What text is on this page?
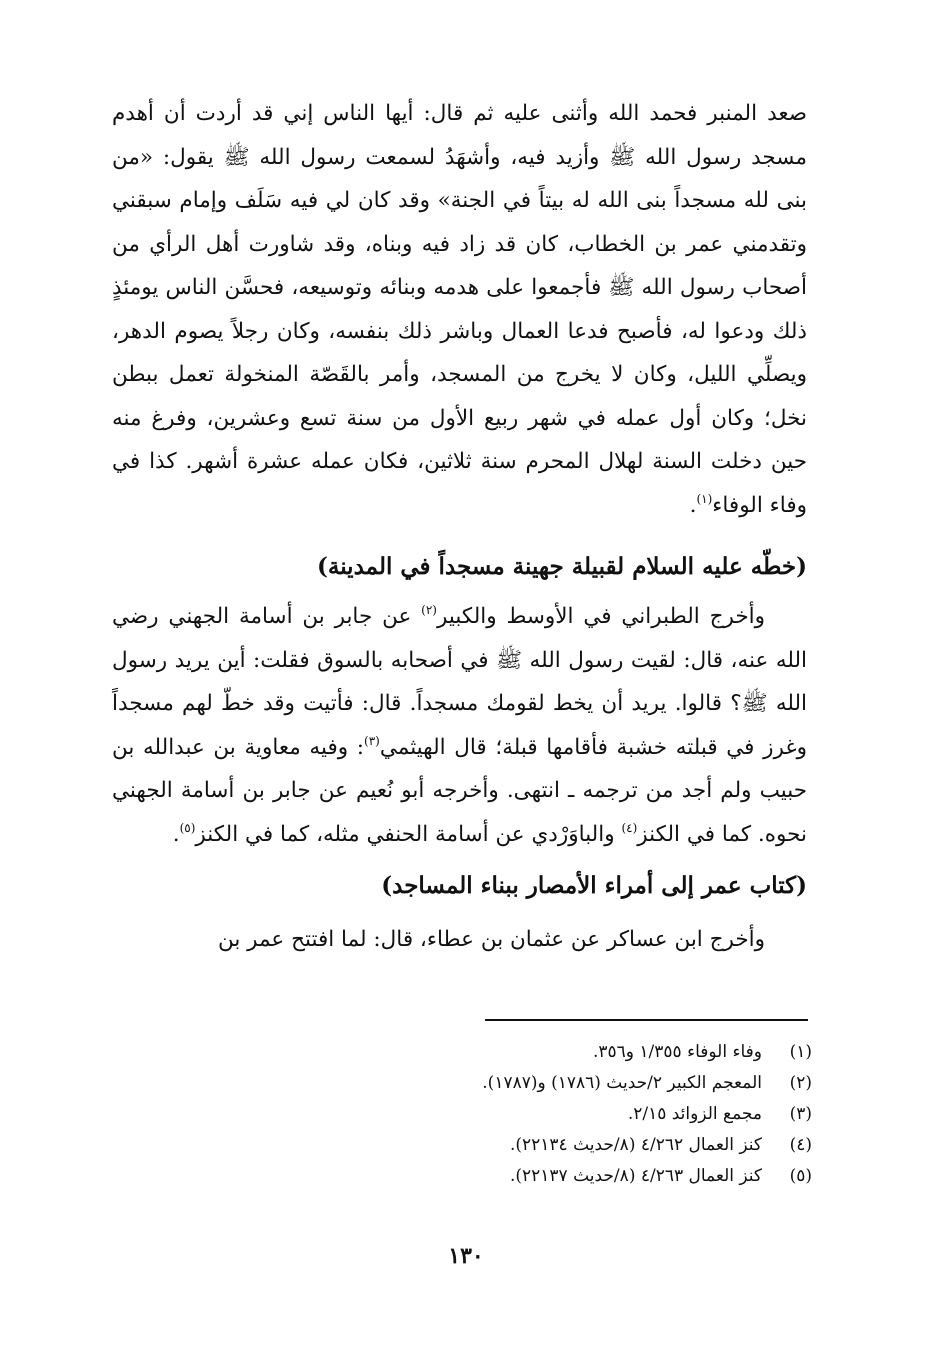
صعد المنبر فحمد الله وأثنى عليه ثم قال: أيها الناس إني قد أردت أن أهدم مسجد رسول الله ﷺ وأزيد فيه، وأشهَدُ لسمعت رسول الله ﷺ يقول: «من بنى لله مسجداً بنى الله له بيتاً في الجنة» وقد كان لي فيه سَلَف وإمام سبقني وتقدمني عمر بن الخطاب، كان قد زاد فيه وبناه، وقد شاورت أهل الرأي من أصحاب رسول الله ﷺ فأجمعوا على هدمه وبنائه وتوسيعه، فحسَّن الناس يومئذٍ ذلك ودعوا له، فأصبح فدعا العمال وباشر ذلك بنفسه، وكان رجلاً يصوم الدهر، ويصلِّي الليل، وكان لا يخرج من المسجد، وأمر بالقَصّة المنخولة تعمل ببطن نخل؛ وكان أول عمله في شهر ربيع الأول من سنة تسع وعشرين، وفرغ منه حين دخلت السنة لهلال المحرم سنة ثلاثين، فكان عمله عشرة أشهر. كذا في وفاء الوفاء$^{(١)}$.

(خطّه عليه السلام لقبيلة جهينة مسجداً في المدينة)

وأخرج الطبراني في الأوسط والكبير$^{(٢)}$ عن جابر بن أسامة الجهني رضي الله عنه، قال: لقيت رسول الله ﷺ في أصحابه بالسوق فقلت: أين يريد رسول الله ﷺ؟ قالوا. يريد أن يخط لقومك مسجداً. قال: فأتيت وقد خطّ لهم مسجداً وغرز في قبلته خشبة فأقامها قبلة؛ قال الهيثمي$^{(٣)}$: وفيه معاوية بن عبدالله بن حبيب ولم أجد من ترجمه ـ انتهى. وأخرجه أبو نُعيم عن جابر بن أسامة الجهني نحوه. كما في الكنز$^{(٤)}$ والباوَرْدي عن أسامة الحنفي مثله، كما في الكنز$^{(٥)}$.

(كتاب عمر إلى أمراء الأمصار ببناء المساجد)

وأخرج ابن عساكر عن عثمان بن عطاء، قال: لما افتتح عمر بن

(١)
وفاء الوفاء ١/٣٥٥ و٣٥٦.
(٢)
المعجم الكبير ٢/حديث (١٧٨٦) و(١٧٨٧).
(٣)
مجمع الزوائد ٢/١٥.
(٤)
كنز العمال ٤/٢٦٢ (٨/حديث ٢٢١٣٤).
(٥)
كنز العمال ٤/٢٦٣ (٨/حديث ٢٢١٣٧).
١٣٠
